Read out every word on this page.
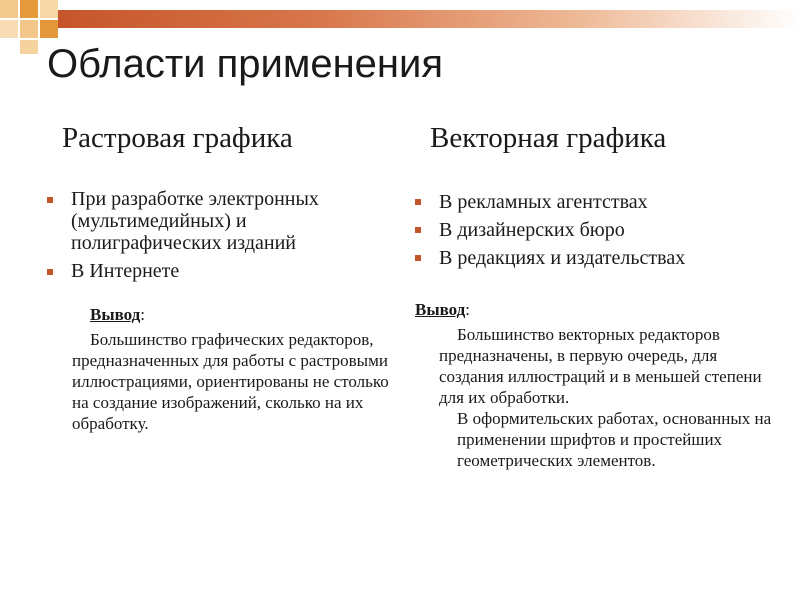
Области применения
Растровая графика	Векторная графика
При разработке электронных (мультимедийных) и полиграфических изданий
В Интернете
В рекламных агентствах
В дизайнерских бюро
В редакциях и издательствах
Вывод:

Большинство графических редакторов, предназначенных для работы с растровыми иллюстрациями, ориентированы не столько на создание изображений, сколько на их обработку.

Вывод:

Большинство векторных редакторов предназначены, в первую очередь, для создания иллюстраций и в меньшей степени для их обработки.

В оформительских работах, основанных на применении шрифтов и простейших геометрических элементов.
